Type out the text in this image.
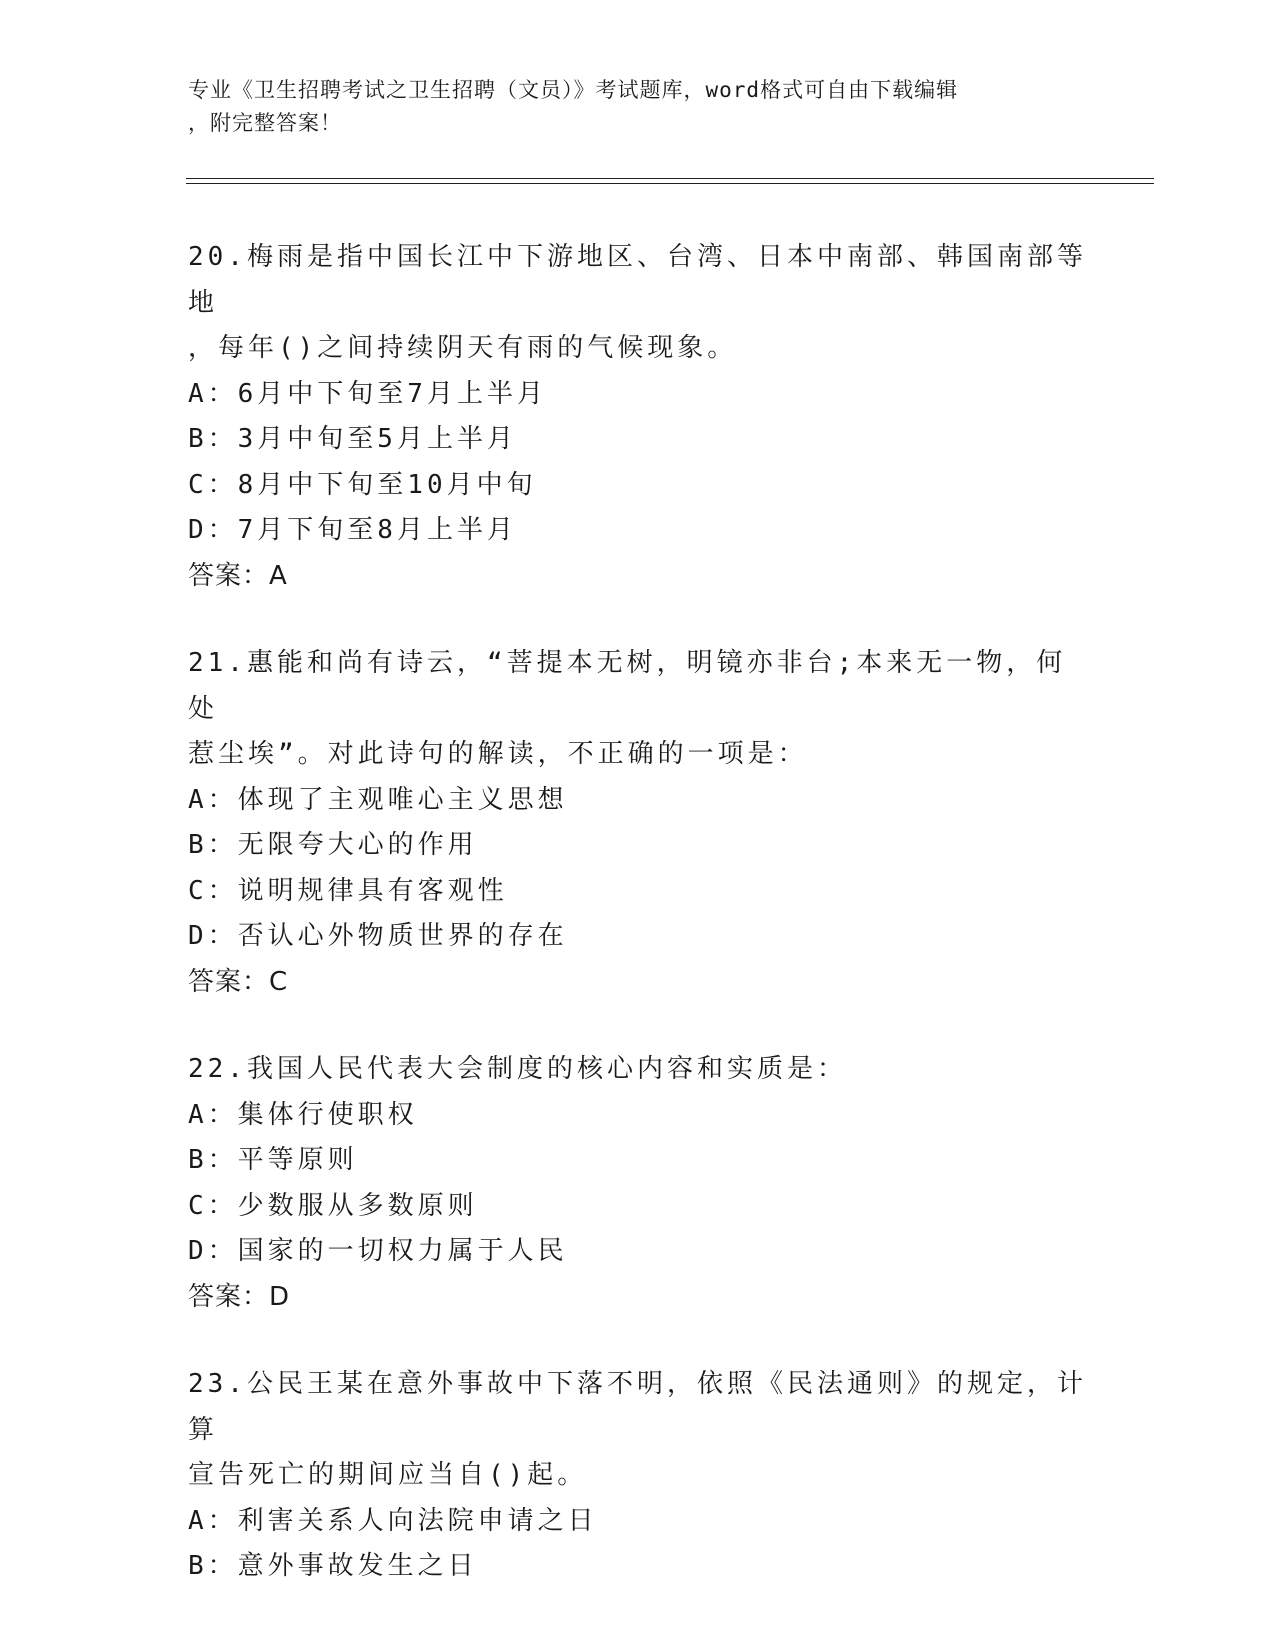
专业《卫生招聘考试之卫生招聘（文员）》考试题库，word格式可自由下载编辑
，附完整答案！
20.梅雨是指中国长江中下游地区、台湾、日本中南部、韩国南部等地
，每年()之间持续阴天有雨的气候现象。
A：6月中下旬至7月上半月
B：3月中旬至5月上半月
C：8月中下旬至10月中旬
D：7月下旬至8月上半月
答案：A
21.惠能和尚有诗云，“菩提本无树，明镜亦非台;本来无一物，何处
惹尘埃”。对此诗句的解读，不正确的一项是：
A：体现了主观唯心主义思想
B：无限夸大心的作用
C：说明规律具有客观性
D：否认心外物质世界的存在
答案：C
22.我国人民代表大会制度的核心内容和实质是：
A：集体行使职权
B：平等原则
C：少数服从多数原则
D：国家的一切权力属于人民
答案：D
23.公民王某在意外事故中下落不明，依照《民法通则》的规定，计算
宣告死亡的期间应当自()起。
A：利害关系人向法院申请之日
B：意外事故发生之日
